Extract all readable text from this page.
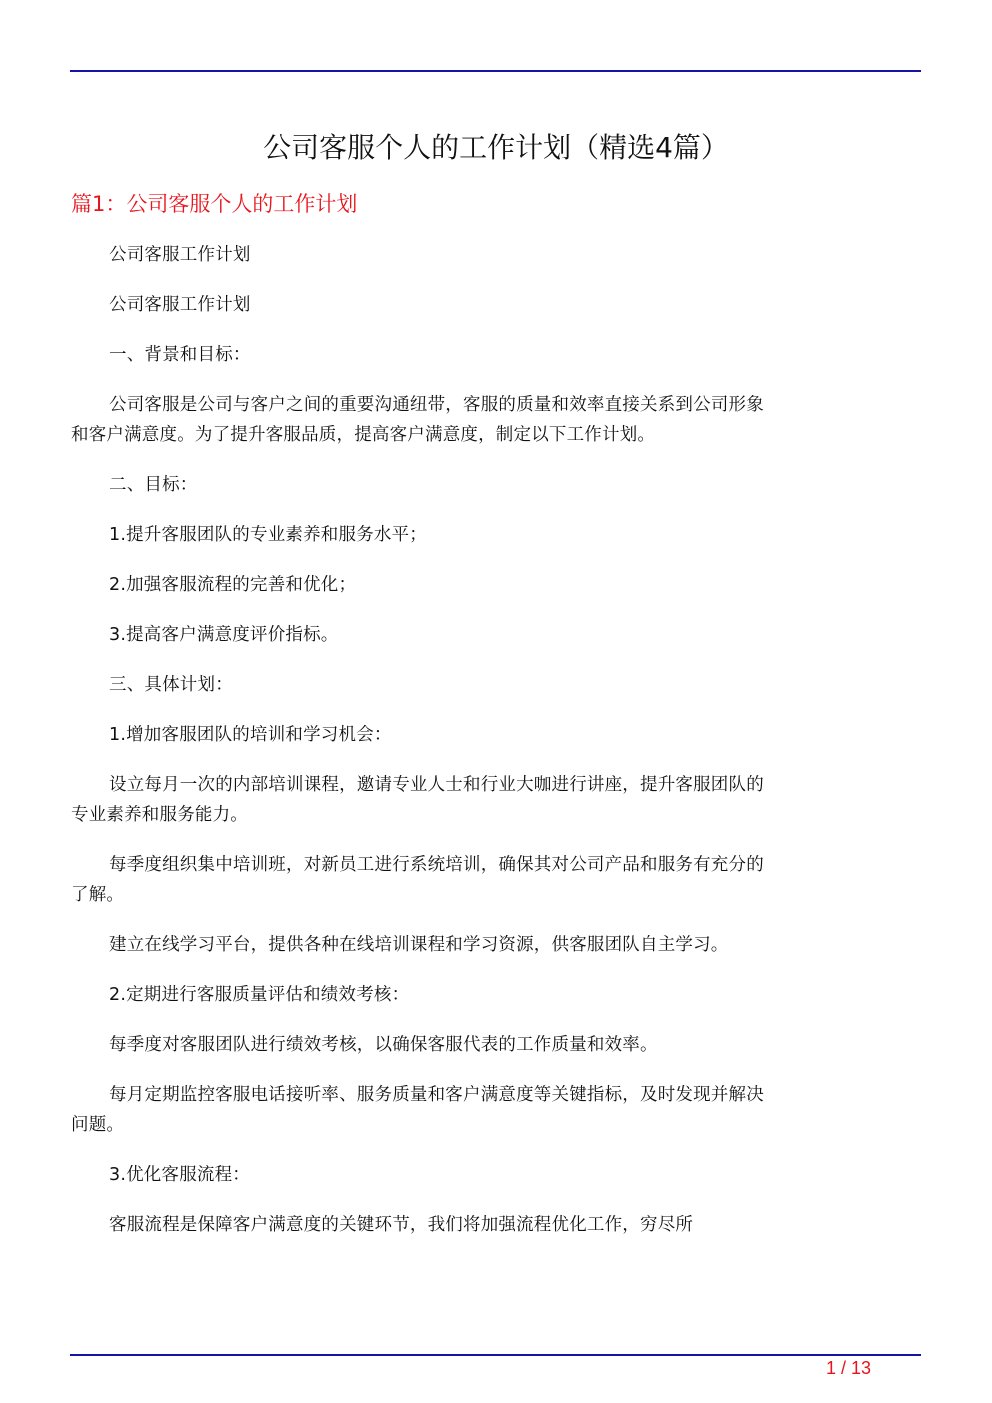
公司客服个人的工作计划（精选4篇）
篇1：公司客服个人的工作计划

公司客服工作计划

公司客服工作计划

一、背景和目标：

公司客服是公司与客户之间的重要沟通纽带，客服的质量和效率直接关系到公司形象和客户满意度。为了提升客服品质，提高客户满意度，制定以下工作计划。

二、目标：

1.提升客服团队的专业素养和服务水平；

2.加强客服流程的完善和优化；

3.提高客户满意度评价指标。

三、具体计划：

1.增加客服团队的培训和学习机会：

设立每月一次的内部培训课程，邀请专业人士和行业大咖进行讲座，提升客服团队的专业素养和服务能力。

每季度组织集中培训班，对新员工进行系统培训，确保其对公司产品和服务有充分的了解。

建立在线学习平台，提供各种在线培训课程和学习资源，供客服团队自主学习。

2.定期进行客服质量评估和绩效考核：

每季度对客服团队进行绩效考核，以确保客服代表的工作质量和效率。

每月定期监控客服电话接听率、服务质量和客户满意度等关键指标，及时发现并解决问题。

3.优化客服流程：

客服流程是保障客户满意度的关键环节，我们将加强流程优化工作，穷尽所

1 / 13
